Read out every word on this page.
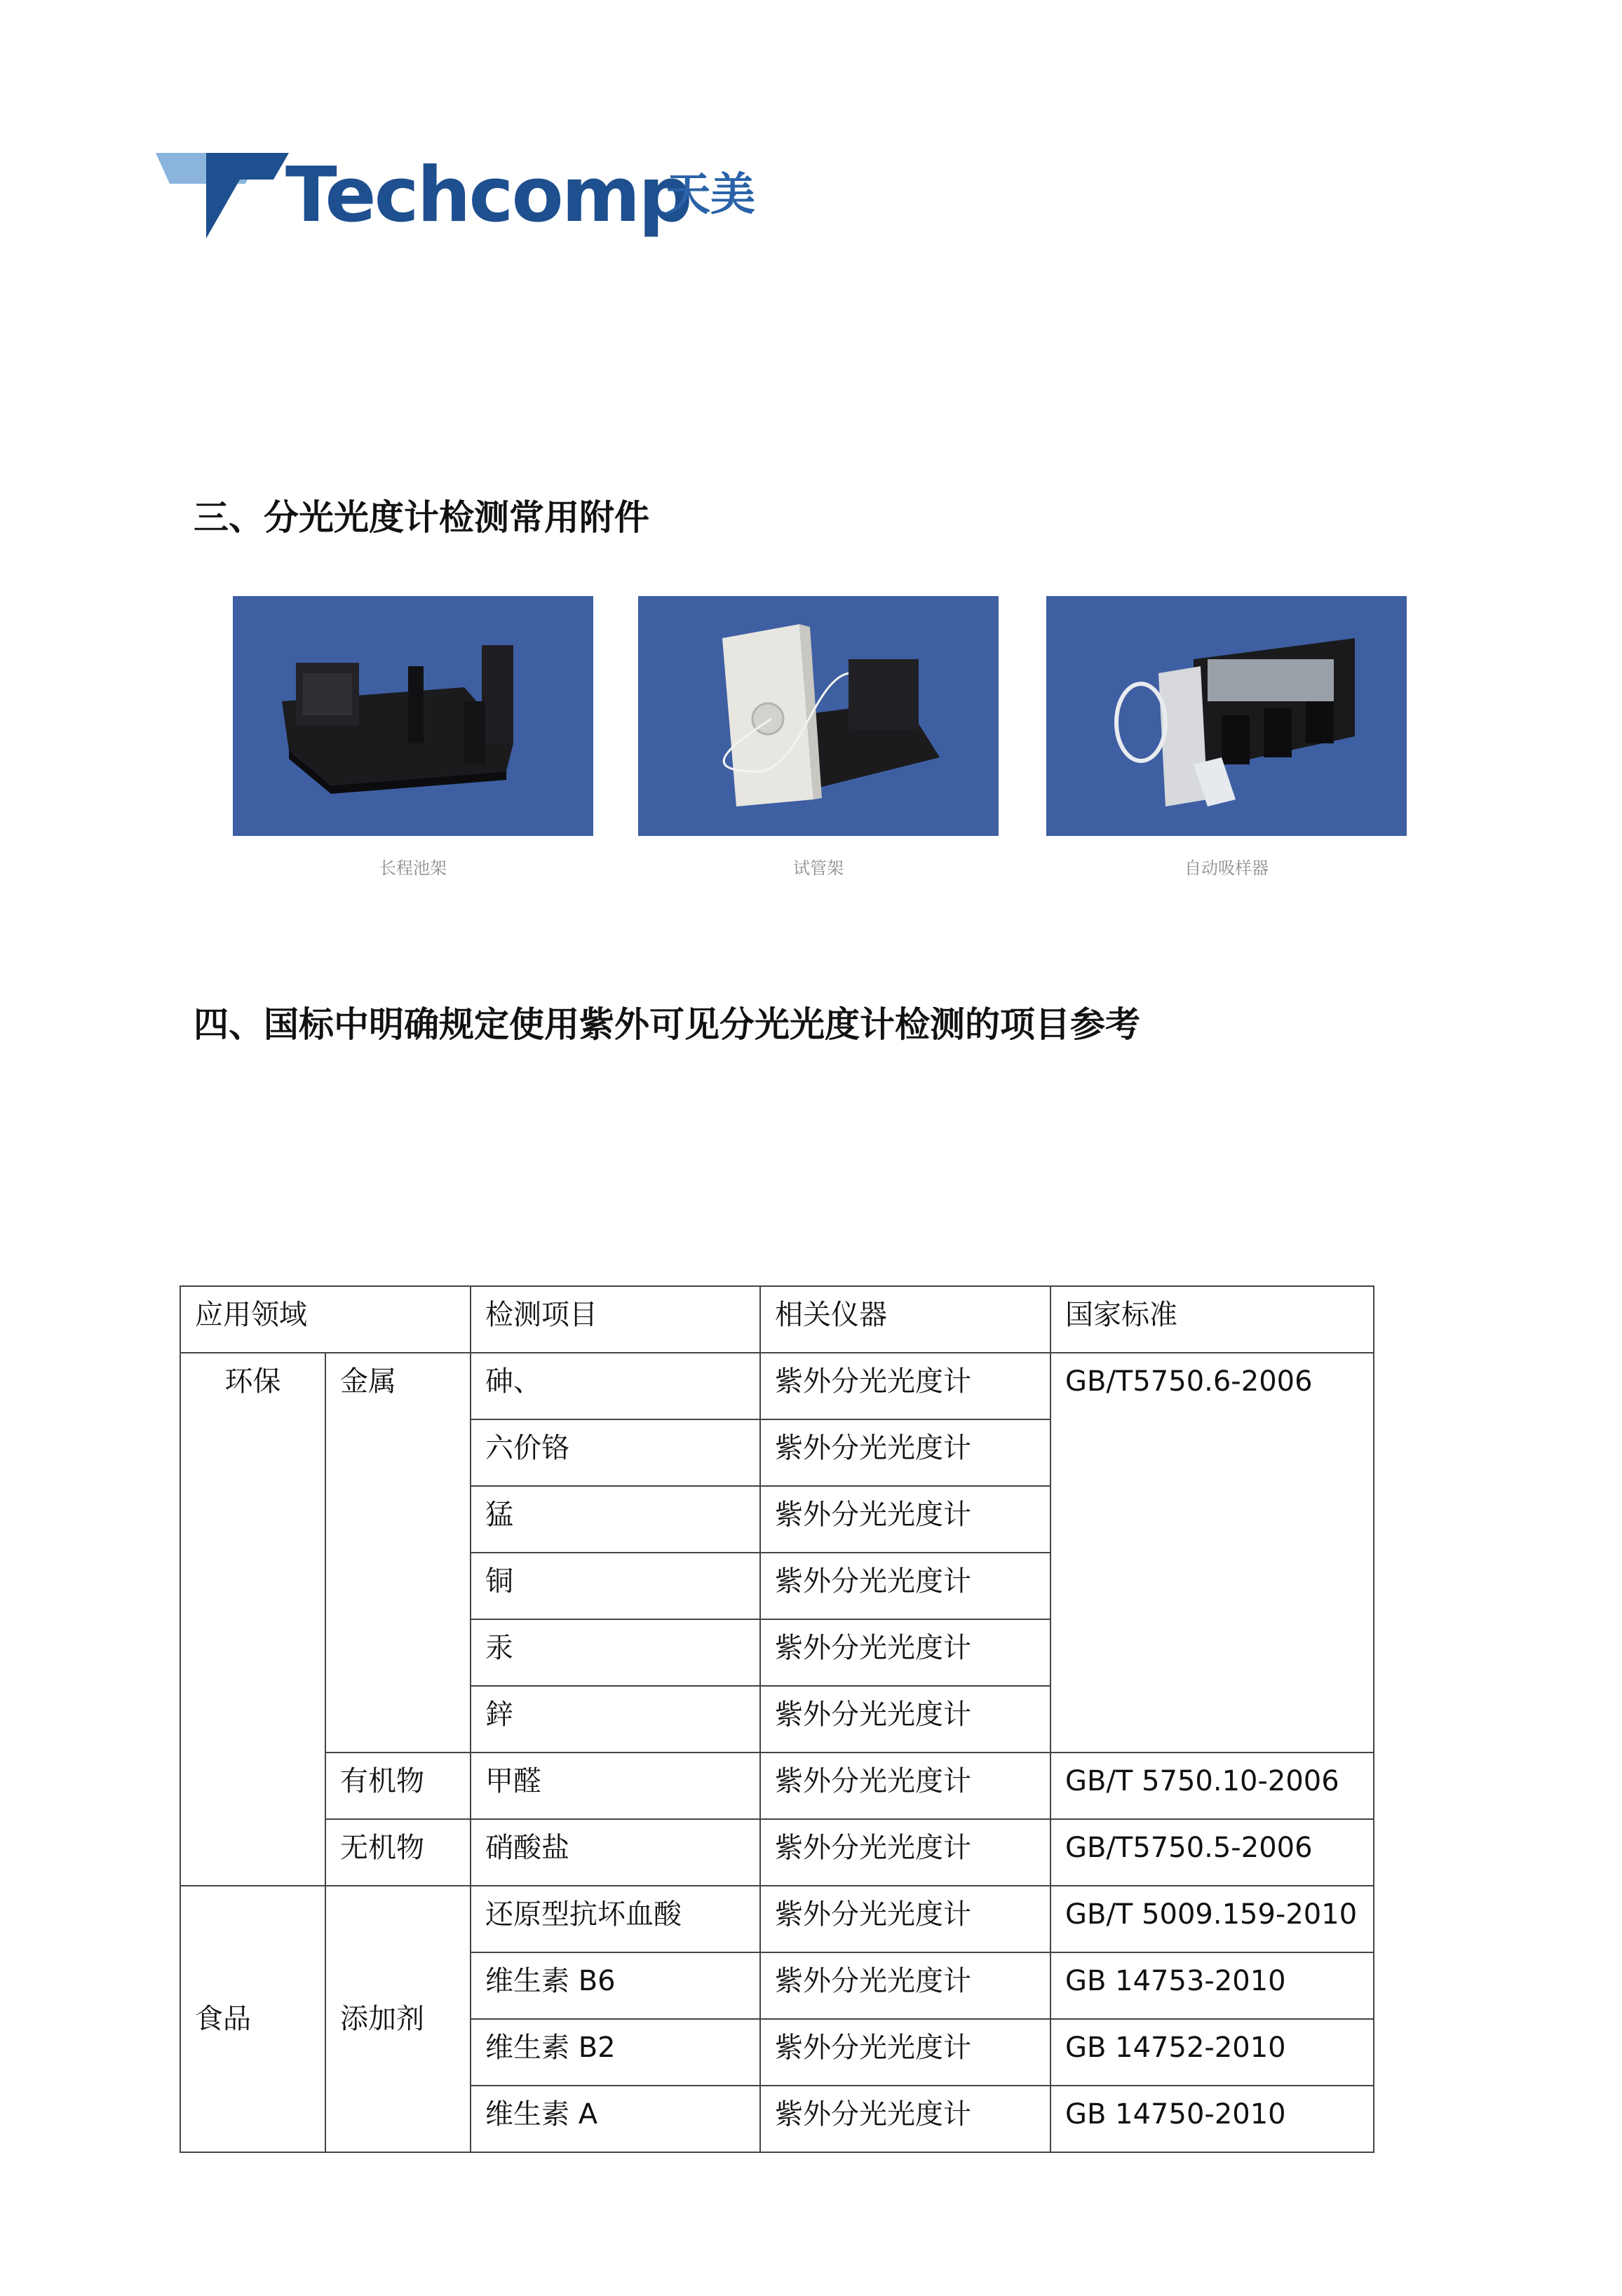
Techcomp
天美
三、分光光度计检测常用附件
长程池架	试管架	自动吸样器
四、国标中明确规定使用紫外可见分光光度计检测的项目参考
应用领域		检测项目	相关仪器	国家标准
环保	金属	砷、	紫外分光光度计	GB/T5750.6-2006
		六价铬	紫外分光光度计	
		猛	紫外分光光度计	
		铜	紫外分光光度计	
		汞	紫外分光光度计	
		鋅	紫外分光光度计	
	有机物	甲醛	紫外分光光度计	GB/T 5750.10-2006
	无机物	硝酸盐	紫外分光光度计	GB/T5750.5-2006
食品	添加剂	还原型抗坏血酸	紫外分光光度计	GB/T 5009.159-2010
		维生素 B6	紫外分光光度计	GB 14753-2010
		维生素 B2	紫外分光光度计	GB 14752-2010
		维生素 A	紫外分光光度计	GB 14750-2010
